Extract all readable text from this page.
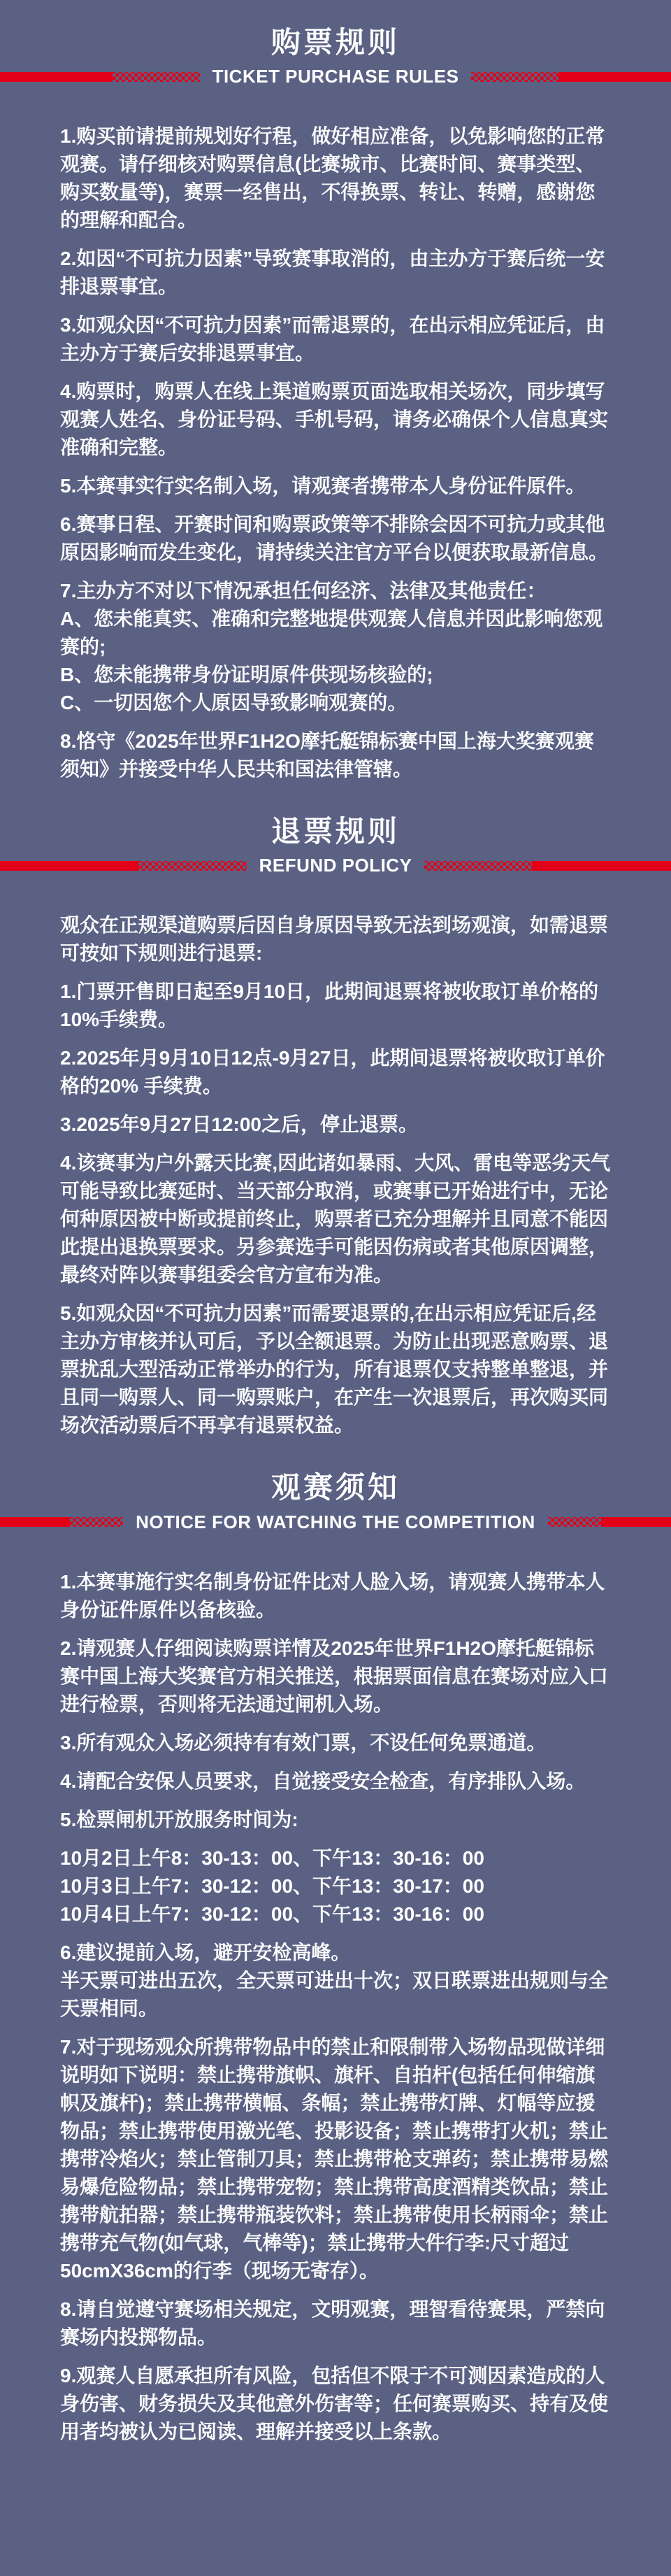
购票规则
TICKET PURCHASE RULES
1.购买前请提前规划好行程，做好相应准备，以免影响您的正常观赛。请仔细核对购票信息(比赛城市、比赛时间、赛事类型、购买数量等)，赛票一经售出，不得换票、转让、转赠，感谢您的理解和配合。
2.如因“不可抗力因素”导致赛事取消的，由主办方于赛后统一安排退票事宜。
3.如观众因“不可抗力因素”而需退票的，在出示相应凭证后，由主办方于赛后安排退票事宜。
4.购票时，购票人在线上渠道购票页面选取相关场次，同步填写观赛人姓名、身份证号码、手机号码，请务必确保个人信息真实准确和完整。
5.本赛事实行实名制入场，请观赛者携带本人身份证件原件。
6.赛事日程、开赛时间和购票政策等不排除会因不可抗力或其他原因影响而发生变化，请持续关注官方平台以便获取最新信息。
7.主办方不对以下情况承担任何经济、法律及其他责任：
A、您未能真实、准确和完整地提供观赛人信息并因此影响您观赛的;
B、您未能携带身份证明原件供现场核验的;
C、一切因您个人原因导致影响观赛的。
8.恪守《2025年世界F1H2O摩托艇锦标赛中国上海大奖赛观赛须知》并接受中华人民共和国法律管辖。
退票规则
REFUND POLICY
观众在正规渠道购票后因自身原因导致无法到场观演，如需退票可按如下规则进行退票:
1.门票开售即日起至9月10日，此期间退票将被收取订单价格的10%手续费。
2.2025年月9月10日12点-9月27日，此期间退票将被收取订单价格的20% 手续费。
3.2025年9月27日12:00之后，停止退票。
4.该赛事为户外露天比赛,因此诸如暴雨、大风、雷电等恶劣天气可能导致比赛延时、当天部分取消，或赛事已开始进行中，无论何种原因被中断或提前终止，购票者已充分理解并且同意不能因此提出退换票要求。另参赛选手可能因伤病或者其他原因调整，最终对阵以赛事组委会官方宣布为准。
5.如观众因“不可抗力因素”而需要退票的,在出示相应凭证后,经主办方审核并认可后，予以全额退票。为防止出现恶意购票、退票扰乱大型活动正常举办的行为，所有退票仅支持整单整退，并且同一购票人、同一购票账户，在产生一次退票后，再次购买同场次活动票后不再享有退票权益。
观赛须知
NOTICE FOR WATCHING THE COMPETITION
1.本赛事施行实名制身份证件比对人脸入场，请观赛人携带本人身份证件原件以备核验。
2.请观赛人仔细阅读购票详情及2025年世界F1H2O摩托艇锦标赛中国上海大奖赛官方相关推送，根据票面信息在赛场对应入口进行检票，否则将无法通过闸机入场。
3.所有观众入场必须持有有效门票，不设任何免票通道。
4.请配合安保人员要求，自觉接受安全检查，有序排队入场。
5.检票闸机开放服务时间为:
10月2日上午8：30-13：00、下午13：30-16：00
10月3日上午7：30-12：00、下午13：30-17：00
10月4日上午7：30-12：00、下午13：30-16：00
6.建议提前入场，避开安检高峰。
半天票可进出五次，全天票可进出十次；双日联票进出规则与全天票相同。
7.对于现场观众所携带物品中的禁止和限制带入场物品现做详细说明如下说明：禁止携带旗帜、旗杆、自拍杆(包括任何伸缩旗帜及旗杆)；禁止携带横幅、条幅；禁止携带灯牌、灯幅等应援物品；禁止携带使用激光笔、投影设备；禁止携带打火机；禁止携带冷焰火；禁止管制刀具；禁止携带枪支弹药；禁止携带易燃易爆危险物品；禁止携带宠物；禁止携带高度酒精类饮品；禁止携带航拍器；禁止携带瓶装饮料；禁止携带使用长柄雨伞；禁止携带充气物(如气球，气棒等)；禁止携带大件行李:尺寸超过50cmX36cm的行李（现场无寄存）。
8.请自觉遵守赛场相关规定，文明观赛，理智看待赛果，严禁向赛场内投掷物品。
9.观赛人自愿承担所有风险，包括但不限于不可测因素造成的人身伤害、财务损失及其他意外伤害等；任何赛票购买、持有及使用者均被认为已阅读、理解并接受以上条款。
